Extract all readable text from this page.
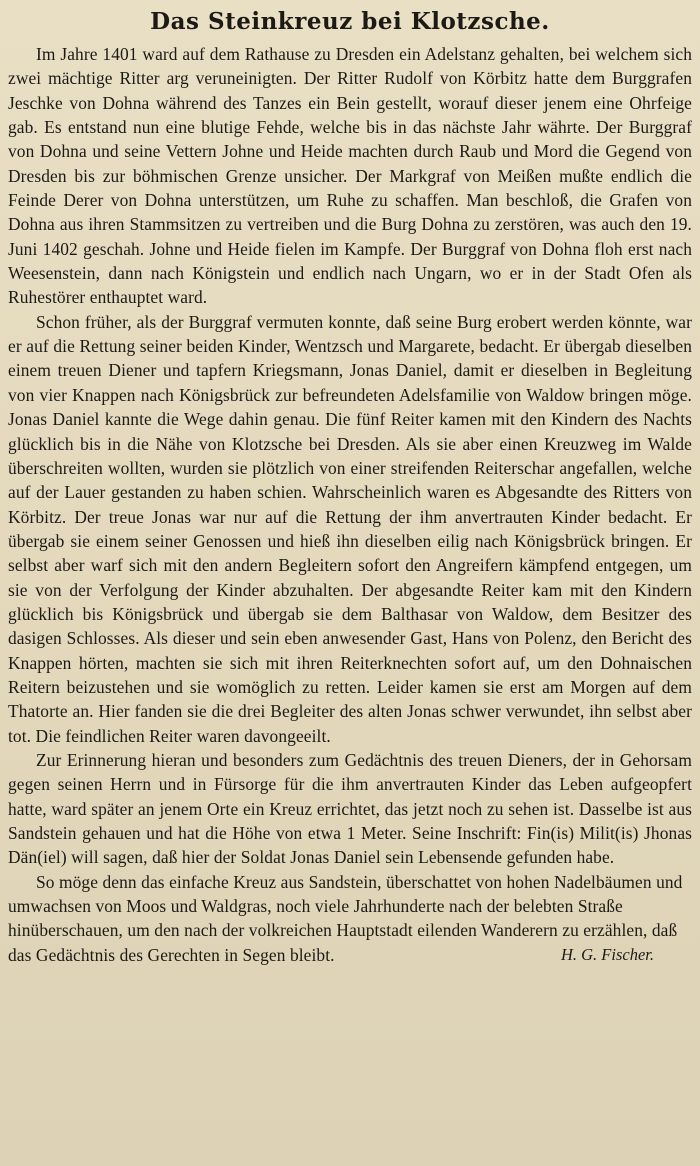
Das Steinkreuz bei Klotzsche.

Im Jahre 1401 ward auf dem Rathause zu Dresden ein Adelstanz gehalten, bei welchem sich zwei mächtige Ritter arg veruneinigten. Der Ritter Rudolf von Körbitz hatte dem Burggrafen Jeschke von Dohna während des Tanzes ein Bein gestellt, worauf dieser jenem eine Ohrfeige gab. Es entstand nun eine blutige Fehde, welche bis in das nächste Jahr währte. Der Burggraf von Dohna und seine Vettern Johne und Heide machten durch Raub und Mord die Gegend von Dresden bis zur böhmischen Grenze unsicher. Der Markgraf von Meißen mußte endlich die Feinde Derer von Dohna unterstützen, um Ruhe zu schaffen. Man beschloß, die Grafen von Dohna aus ihren Stammsitzen zu vertreiben und die Burg Dohna zu zerstören, was auch den 19. Juni 1402 geschah. Johne und Heide fielen im Kampfe. Der Burggraf von Dohna floh erst nach Weesenstein, dann nach Königstein und endlich nach Ungarn, wo er in der Stadt Ofen als Ruhestörer enthauptet ward.

Schon früher, als der Burggraf vermuten konnte, daß seine Burg erobert werden könnte, war er auf die Rettung seiner beiden Kinder, Wentzsch und Margarete, bedacht. Er übergab dieselben einem treuen Diener und tapfern Kriegsmann, Jonas Daniel, damit er dieselben in Begleitung von vier Knappen nach Königsbrück zur befreundeten Adelsfamilie von Waldow bringen möge. Jonas Daniel kannte die Wege dahin genau. Die fünf Reiter kamen mit den Kindern des Nachts glücklich bis in die Nähe von Klotzsche bei Dresden. Als sie aber einen Kreuzweg im Walde überschreiten wollten, wurden sie plötzlich von einer streifenden Reiterschar angefallen, welche auf der Lauer gestanden zu haben schien. Wahrscheinlich waren es Abgesandte des Ritters von Körbitz. Der treue Jonas war nur auf die Rettung der ihm anvertrauten Kinder bedacht. Er übergab sie einem seiner Genossen und hieß ihn dieselben eilig nach Königsbrück bringen. Er selbst aber warf sich mit den andern Begleitern sofort den Angreifern kämpfend entgegen, um sie von der Verfolgung der Kinder abzuhalten. Der abgesandte Reiter kam mit den Kindern glücklich bis Königsbrück und übergab sie dem Balthasar von Waldow, dem Besitzer des dasigen Schlosses. Als dieser und sein eben anwesender Gast, Hans von Polenz, den Bericht des Knappen hörten, machten sie sich mit ihren Reiterknechten sofort auf, um den Dohnaischen Reitern beizustehen und sie womöglich zu retten. Leider kamen sie erst am Morgen auf dem Thatorte an. Hier fanden sie die drei Begleiter des alten Jonas schwer verwundet, ihn selbst aber tot. Die feindlichen Reiter waren davongeeilt.

Zur Erinnerung hieran und besonders zum Gedächtnis des treuen Dieners, der in Gehorsam gegen seinen Herrn und in Fürsorge für die ihm anvertrauten Kinder das Leben aufgeopfert hatte, ward später an jenem Orte ein Kreuz errichtet, das jetzt noch zu sehen ist. Dasselbe ist aus Sandstein gehauen und hat die Höhe von etwa 1 Meter. Seine Inschrift: Fin(is) Milit(is) Jhonas Dän(iel) will sagen, daß hier der Soldat Jonas Daniel sein Lebensende gefunden habe.

So möge denn das einfache Kreuz aus Sandstein, überschattet von hohen Nadelbäumen und umwachsen von Moos und Waldgras, noch viele Jahrhunderte nach der belebten Straße hinüberschauen, um den nach der volkreichen Hauptstadt eilenden Wanderern zu erzählen, daß das Gedächtnis des Gerechten in Segen bleibt.	H. G. Fischer.
